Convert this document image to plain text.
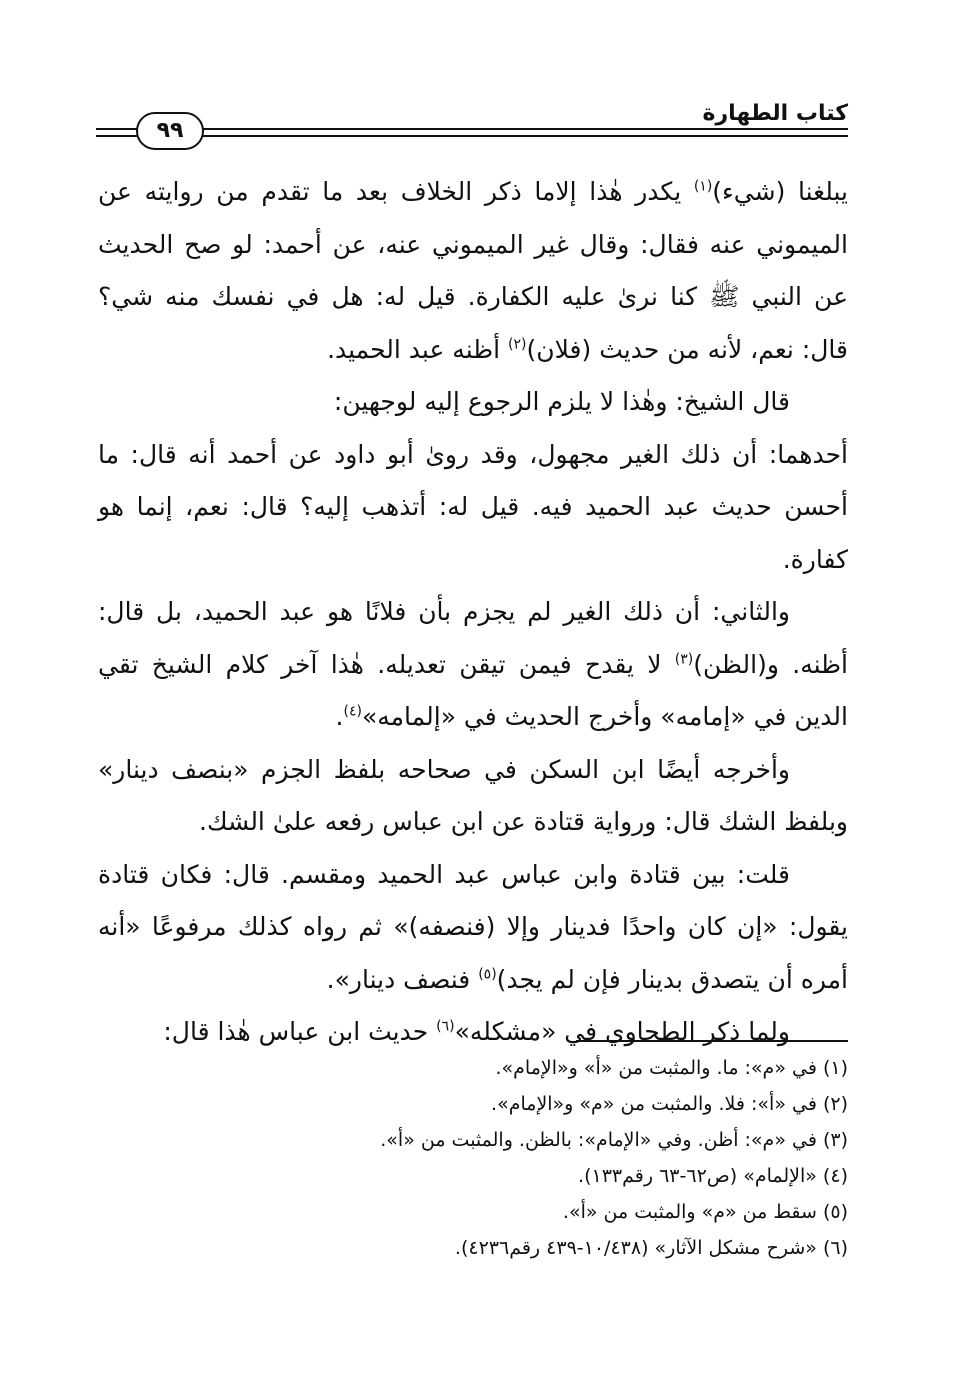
كتاب الطهارة
٩٩

يبلغنا (شيء)$^{(١)}$ يكدر هٰذا إلاما ذكر الخلاف بعد ما تقدم من روايته عن الميموني عنه فقال: وقال غير الميموني عنه، عن أحمد: لو صح الحديث عن النبي ﷺ كنا نرىٰ عليه الكفارة. قيل له: هل في نفسك منه شي؟ قال: نعم، لأنه من حديث (فلان)$^{(٢)}$ أظنه عبد الحميد.

قال الشيخ: وهٰذا لا يلزم الرجوع إليه لوجهين:

أحدهما: أن ذلك الغير مجهول، وقد روىٰ أبو داود عن أحمد أنه قال: ما أحسن حديث عبد الحميد فيه. قيل له: أتذهب إليه؟ قال: نعم، إنما هو كفارة.

والثاني: أن ذلك الغير لم يجزم بأن فلانًا هو عبد الحميد، بل قال: أظنه. و(الظن)$^{(٣)}$ لا يقدح فيمن تيقن تعديله. هٰذا آخر كلام الشيخ تقي الدين في «إمامه» وأخرج الحديث في «إلمامه»$^{(٤)}$.

وأخرجه أيضًا ابن السكن في صحاحه بلفظ الجزم «بنصف دينار» وبلفظ الشك قال: ورواية قتادة عن ابن عباس رفعه علىٰ الشك.

قلت: بين قتادة وابن عباس عبد الحميد ومقسم. قال: فكان قتادة يقول: «إن كان واحدًا فدينار وإلا (فنصفه)» ثم رواه كذلك مرفوعًا «أنه أمره أن يتصدق بدينار فإن لم يجد)$^{(٥)}$ فنصف دينار».

ولما ذكر الطحاوي في «مشكله»$^{(٦)}$ حديث ابن عباس هٰذا قال:

(١) في «م»: ما. والمثبت من «أ» و«الإمام».

(٢) في «أ»: فلا. والمثبت من «م» و«الإمام».

(٣) في «م»: أظن. وفي «الإمام»: بالظن. والمثبت من «أ».

(٤) «الإلمام» (ص٦٢-٦٣ رقم١٣٣).

(٥) سقط من «م» والمثبت من «أ».

(٦) «شرح مشكل الآثار» (١٠/٤٣٨-٤٣٩ رقم٤٢٣٦).
